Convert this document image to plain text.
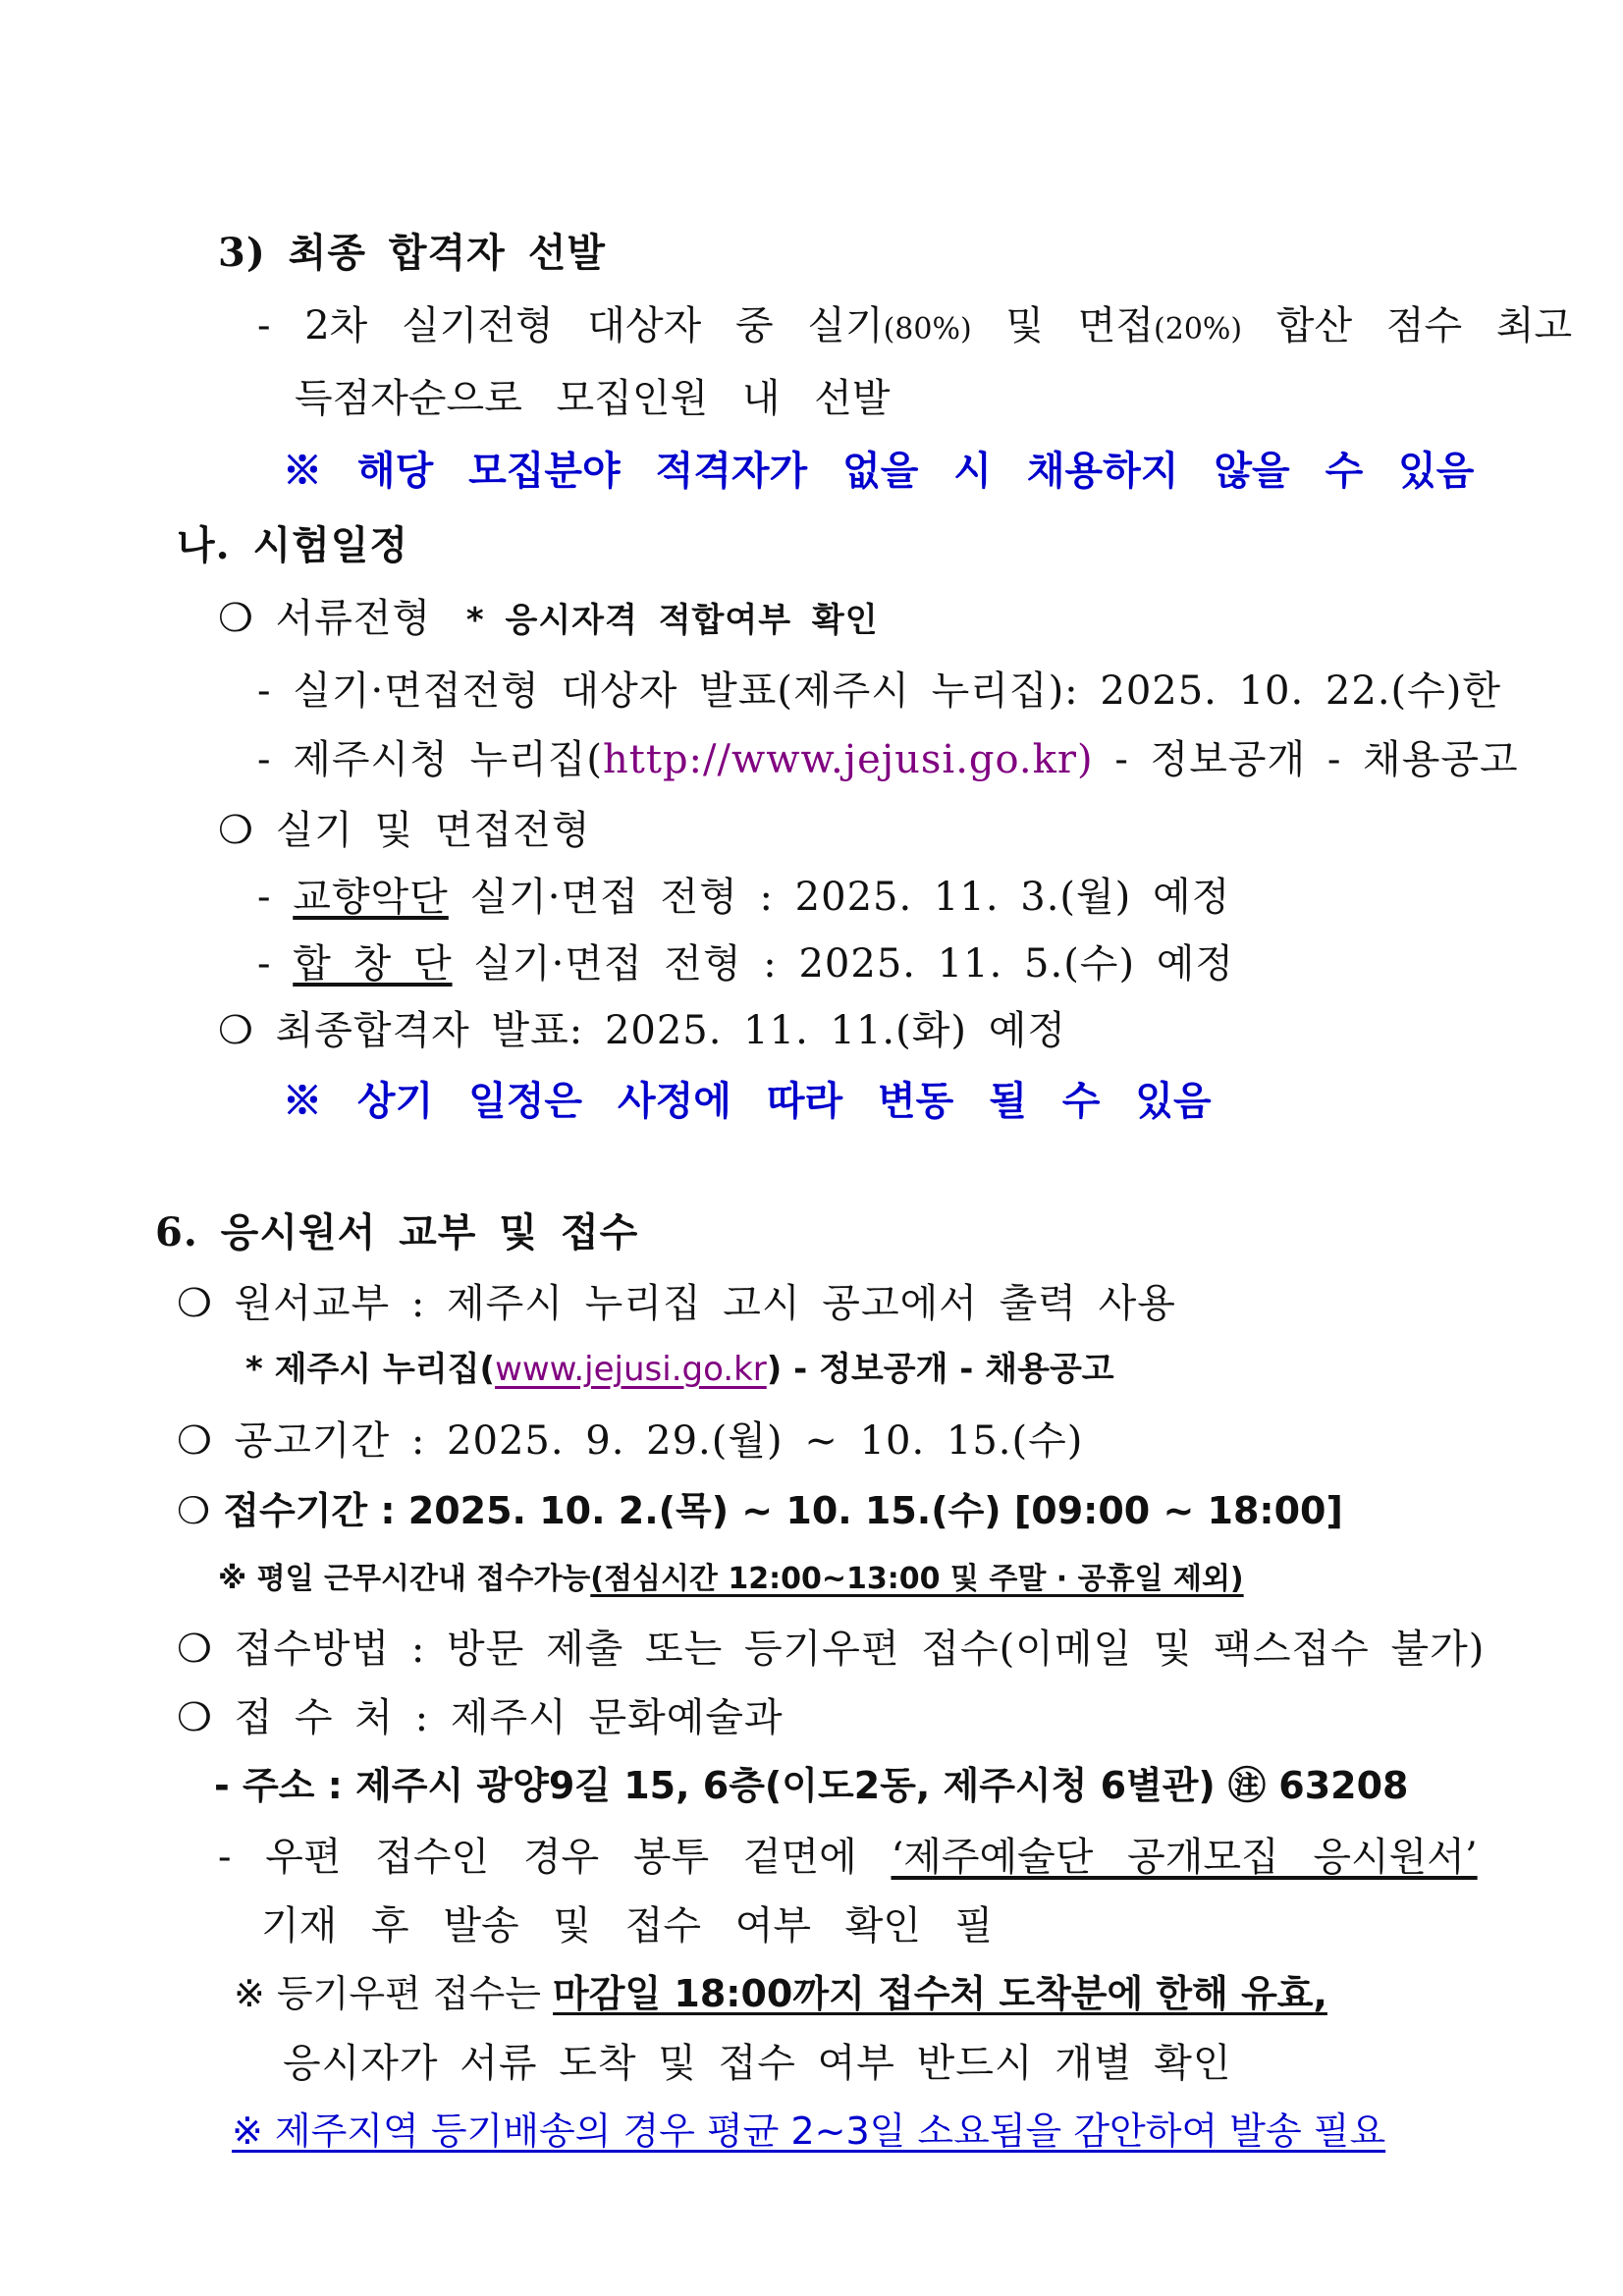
3) 최종 합격자 선발
- 2차 실기전형 대상자 중 실기(80%) 및 면접(20%) 합산 점수 최고
득점자순으로 모집인원 내 선발
※ 해당 모집분야 적격자가 없을 시 채용하지 않을 수 있음
나. 시험일정
❍ 서류전형 * 응시자격 적합여부 확인
- 실기·면접전형 대상자 발표(제주시 누리집): 2025. 10. 22.(수)한
- 제주시청 누리집(http://www.jejusi.go.kr) - 정보공개 - 채용공고
❍ 실기 및 면접전형
- 교향악단 실기·면접 전형 : 2025. 11. 3.(월) 예정
- 합 창 단 실기·면접 전형 : 2025. 11. 5.(수) 예정
❍ 최종합격자 발표: 2025. 11. 11.(화) 예정
※ 상기 일정은 사정에 따라 변동 될 수 있음
6. 응시원서 교부 및 접수
❍ 원서교부 : 제주시 누리집 고시 공고에서 출력 사용
* 제주시 누리집(www.jejusi.go.kr) - 정보공개 - 채용공고
❍ 공고기간 : 2025. 9. 29.(월) ~ 10. 15.(수)
❍ 접수기간 : 2025. 10. 2.(목) ~ 10. 15.(수) [09:00 ~ 18:00]
※ 평일 근무시간내 접수가능(점심시간 12:00~13:00 및 주말 · 공휴일 제외)
❍ 접수방법 : 방문 제출 또는 등기우편 접수(이메일 및 팩스접수 불가)
❍ 접 수 처 : 제주시 문화예술과
- 주소 : 제주시 광양9길 15, 6층(이도2동, 제주시청 6별관) ㊟ 63208
- 우편 접수인 경우 봉투 겉면에 ‘제주예술단 공개모집 응시원서’
기재 후 발송 및 접수 여부 확인 필
※ 등기우편 접수는 마감일 18:00까지 접수처 도착분에 한해 유효,
응시자가 서류 도착 및 접수 여부 반드시 개별 확인
※ 제주지역 등기배송의 경우 평균 2~3일 소요됨을 감안하여 발송 필요
